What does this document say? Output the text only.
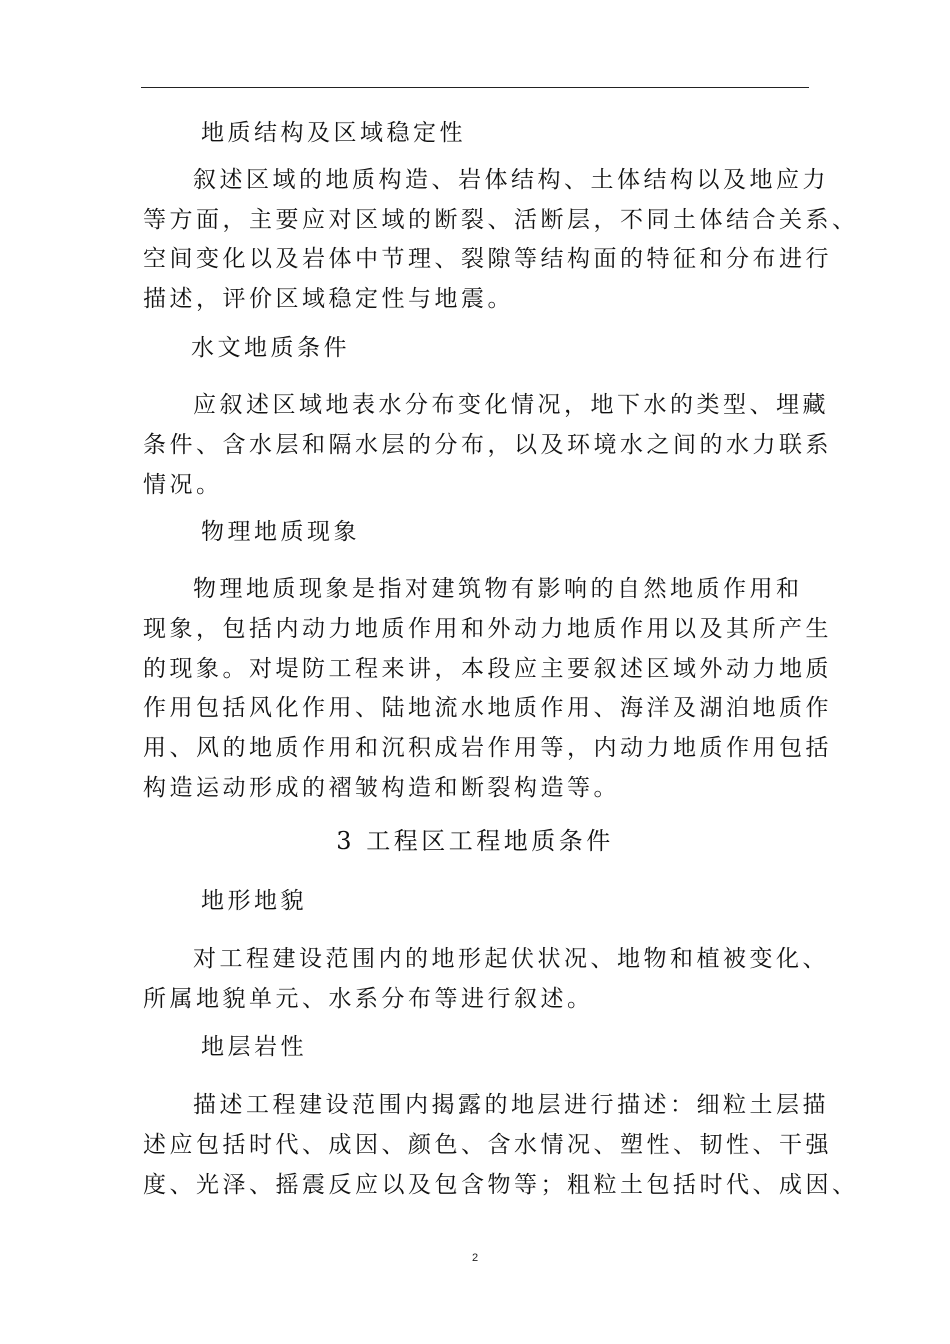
地质结构及区域稳定性
叙述区域的地质构造、岩体结构、土体结构以及地应力
等方面，主要应对区域的断裂、活断层，不同土体结合关系、
空间变化以及岩体中节理、裂隙等结构面的特征和分布进行
描述，评价区域稳定性与地震。
水文地质条件
应叙述区域地表水分布变化情况，地下水的类型、埋藏
条件、含水层和隔水层的分布，以及环境水之间的水力联系
情况。
物理地质现象
物理地质现象是指对建筑物有影响的自然地质作用和
现象，包括内动力地质作用和外动力地质作用以及其所产生
的现象。对堤防工程来讲，本段应主要叙述区域外动力地质
作用包括风化作用、陆地流水地质作用、海洋及湖泊地质作
用、风的地质作用和沉积成岩作用等，内动力地质作用包括
构造运动形成的褶皱构造和断裂构造等。
3 工程区工程地质条件
地形地貌
对工程建设范围内的地形起伏状况、地物和植被变化、
所属地貌单元、水系分布等进行叙述。
地层岩性
描述工程建设范围内揭露的地层进行描述：细粒土层描
述应包括时代、成因、颜色、含水情况、塑性、韧性、干强
度、光泽、摇震反应以及包含物等；粗粒土包括时代、成因、
2
